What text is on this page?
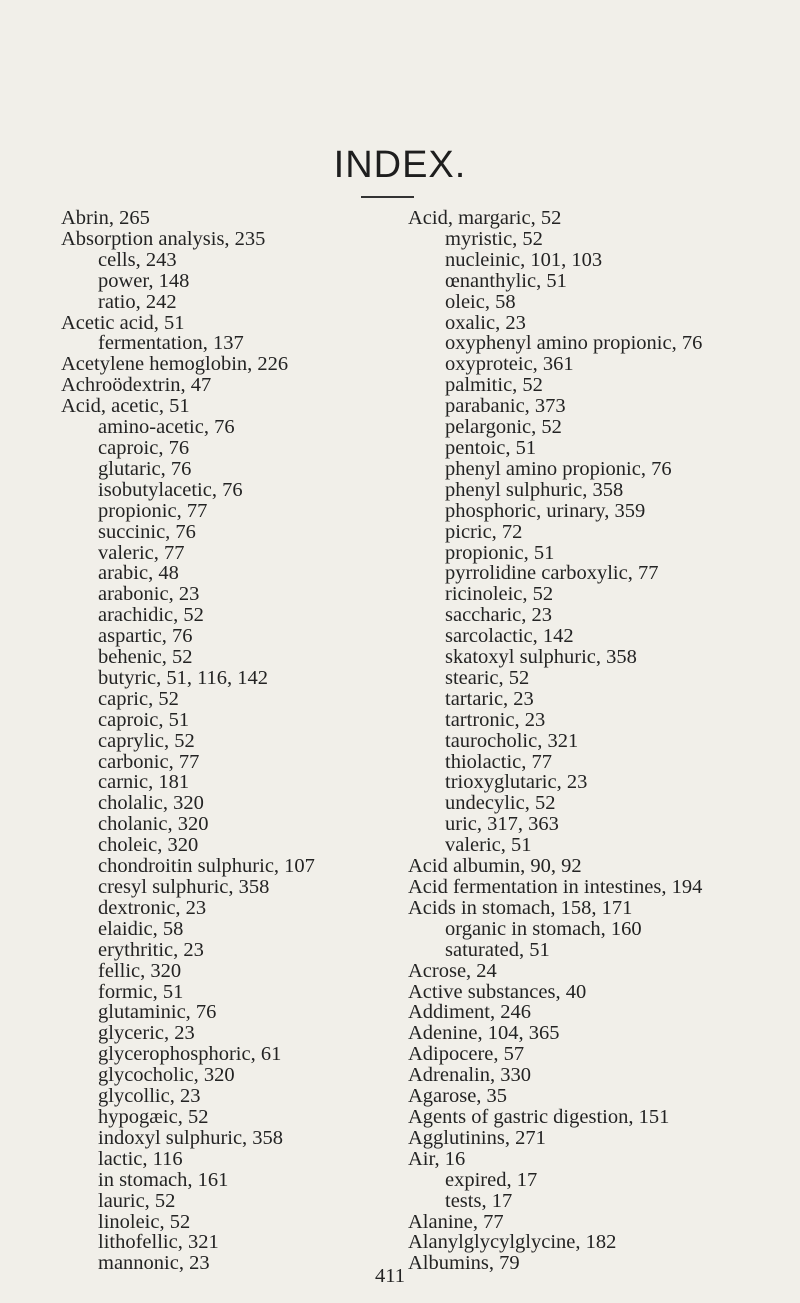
INDEX.
Abrin, 265
Absorption analysis, 235
cells, 243
power, 148
ratio, 242
Acetic acid, 51
fermentation, 137
Acetylene hemoglobin, 226
Achroödextrin, 47
Acid, acetic, 51
amino-acetic, 76
caproic, 76
glutaric, 76
isobutylacetic, 76
propionic, 77
succinic, 76
valeric, 77
arabic, 48
arabonic, 23
arachidic, 52
aspartic, 76
behenic, 52
butyric, 51, 116, 142
capric, 52
caproic, 51
caprylic, 52
carbonic, 77
carnic, 181
cholalic, 320
cholanic, 320
choleic, 320
chondroitin sulphuric, 107
cresyl sulphuric, 358
dextronic, 23
elaidic, 58
erythritic, 23
fellic, 320
formic, 51
glutaminic, 76
glyceric, 23
glycerophosphoric, 61
glycocholic, 320
glycollic, 23
hypogæic, 52
indoxyl sulphuric, 358
lactic, 116
in stomach, 161
lauric, 52
linoleic, 52
lithofellic, 321
mannonic, 23
Acid, margaric, 52
myristic, 52
nucleinic, 101, 103
œnanthylic, 51
oleic, 58
oxalic, 23
oxyphenyl amino propionic, 76
oxyproteic, 361
palmitic, 52
parabanic, 373
pelargonic, 52
pentoic, 51
phenyl amino propionic, 76
phenyl sulphuric, 358
phosphoric, urinary, 359
picric, 72
propionic, 51
pyrrolidine carboxylic, 77
ricinoleic, 52
saccharic, 23
sarcolactic, 142
skatoxyl sulphuric, 358
stearic, 52
tartaric, 23
tartronic, 23
taurocholic, 321
thiolactic, 77
trioxyglutaric, 23
undecylic, 52
uric, 317, 363
valeric, 51
Acid albumin, 90, 92
Acid fermentation in intestines, 194
Acids in stomach, 158, 171
organic in stomach, 160
saturated, 51
Acrose, 24
Active substances, 40
Addiment, 246
Adenine, 104, 365
Adipocere, 57
Adrenalin, 330
Agarose, 35
Agents of gastric digestion, 151
Agglutinins, 271
Air, 16
expired, 17
tests, 17
Alanine, 77
Alanylglycylglycine, 182
Albumins, 79
411
